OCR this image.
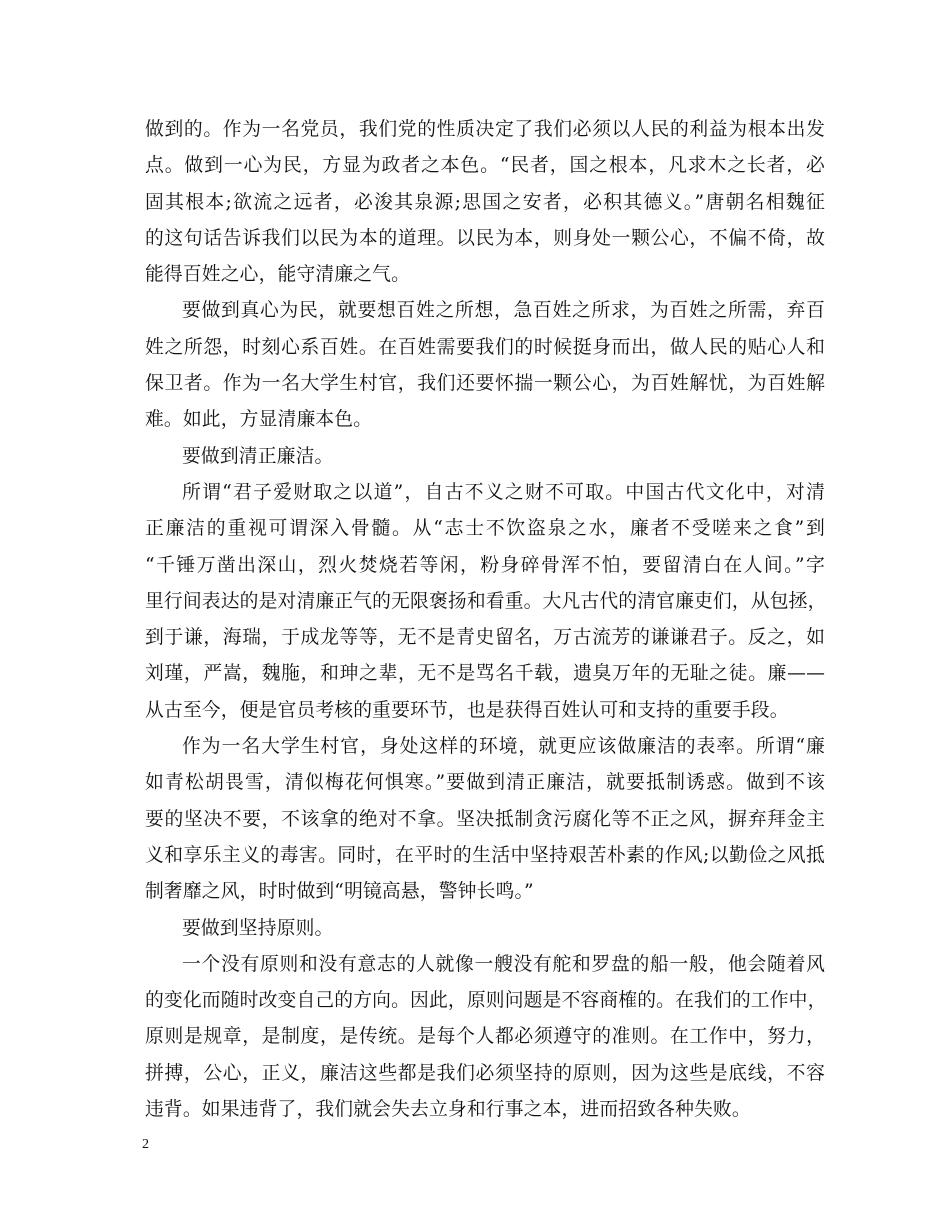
做到的。作为一名党员，我们党的性质决定了我们必须以人民的利益为根本出发
点。做到一心为民，方显为政者之本色。“民者，国之根本，凡求木之长者，必
固其根本;欲流之远者，必浚其泉源;思国之安者，必积其德义。”唐朝名相魏征
的这句话告诉我们以民为本的道理。以民为本，则身处一颗公心，不偏不倚，故
能得百姓之心，能守清廉之气。
要做到真心为民，就要想百姓之所想，急百姓之所求，为百姓之所需，弃百
姓之所怨，时刻心系百姓。在百姓需要我们的时候挺身而出，做人民的贴心人和
保卫者。作为一名大学生村官，我们还要怀揣一颗公心，为百姓解忧，为百姓解
难。如此，方显清廉本色。
要做到清正廉洁。
所谓“君子爱财取之以道”，自古不义之财不可取。中国古代文化中，对清
正廉洁的重视可谓深入骨髓。从“志士不饮盗泉之水，廉者不受嗟来之食”到
“千锤万凿出深山，烈火焚烧若等闲，粉身碎骨浑不怕，要留清白在人间。”字
里行间表达的是对清廉正气的无限褒扬和看重。大凡古代的清官廉吏们，从包拯，
到于谦，海瑞，于成龙等等，无不是青史留名，万古流芳的谦谦君子。反之，如
刘瑾，严嵩，魏胣，和珅之辈，无不是骂名千载，遗臭万年的无耻之徒。廉——
从古至今，便是官员考核的重要环节，也是获得百姓认可和支持的重要手段。
作为一名大学生村官，身处这样的环境，就更应该做廉洁的表率。所谓“廉
如青松胡畏雪，清似梅花何惧寒。”要做到清正廉洁，就要抵制诱惑。做到不该
要的坚决不要，不该拿的绝对不拿。坚决抵制贪污腐化等不正之风，摒弃拜金主
义和享乐主义的毒害。同时，在平时的生活中坚持艰苦朴素的作风;以勤俭之风抵
制奢靡之风，时时做到“明镜高悬，警钟长鸣。”
要做到坚持原则。
一个没有原则和没有意志的人就像一艘没有舵和罗盘的船一般，他会随着风
的变化而随时改变自己的方向。因此，原则问题是不容商榷的。在我们的工作中，
原则是规章，是制度，是传统。是每个人都必须遵守的准则。在工作中，努力，
拼搏，公心，正义，廉洁这些都是我们必须坚持的原则，因为这些是底线，不容
违背。如果违背了，我们就会失去立身和行事之本，进而招致各种失败。
2
